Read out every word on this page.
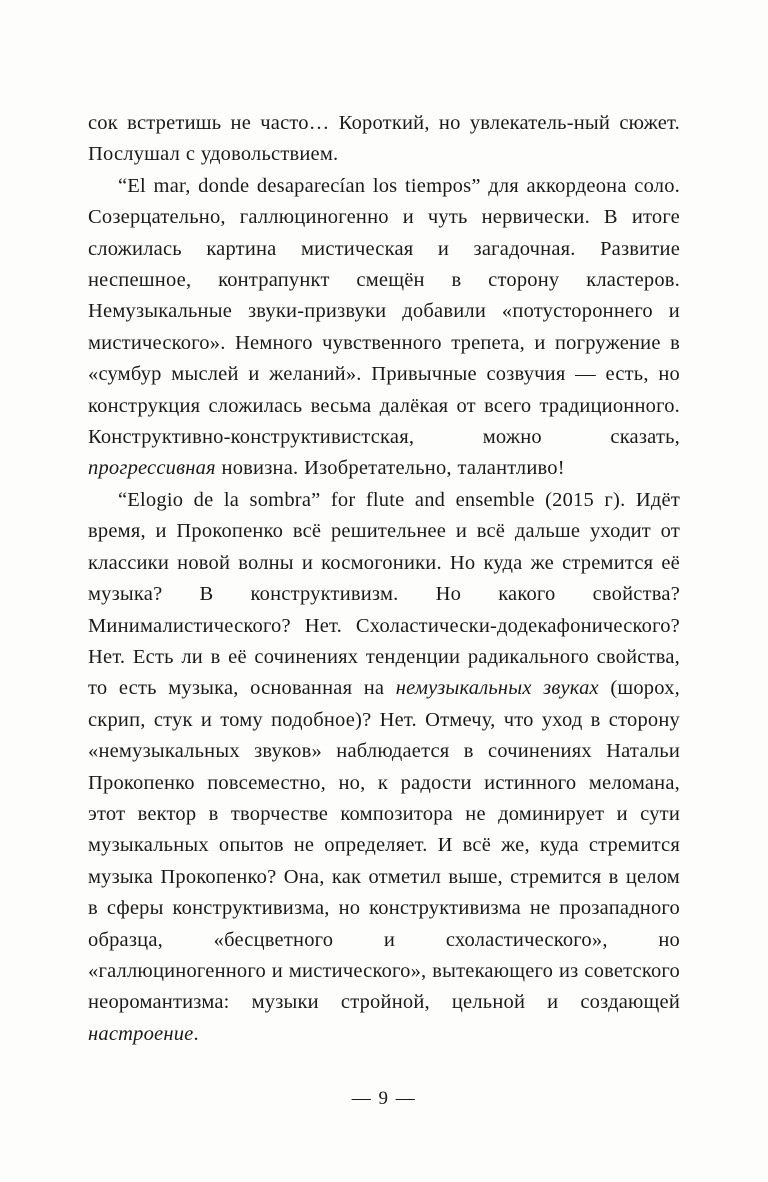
сок встретишь не часто… Короткий, но увлекатель-ный сюжет. Послушал с удовольствием.

“El mar, donde desaparecían los tiempos” для аккордеона соло. Созерцательно, галлюциногенно и чуть нервически. В итоге сложилась картина мистическая и загадочная. Развитие неспешное, контрапункт смещён в сторону кластеров. Немузыкальные звуки-призвуки добавили «потустороннего и мистического». Немного чувственного трепета, и погружение в «сумбур мыслей и желаний». Привычные созвучия — есть, но конструкция сложилась весьма далёкая от всего традиционного. Конструктивно-конструктивистская, можно сказать, прогрессивная новизна. Изобретательно, талантливо!

“Elogio de la sombra” for flute and ensemble (2015 г). Идёт время, и Прокопенко всё решительнее и всё дальше уходит от классики новой волны и космогоники. Но куда же стремится её музыка? В конструктивизм. Но какого свойства? Минималистического? Нет. Схоластически-додекафонического? Нет. Есть ли в её сочинениях тенденции радикального свойства, то есть музыка, основанная на немузыкальных звуках (шорох, скрип, стук и тому подобное)? Нет. Отмечу, что уход в сторону «немузыкальных звуков» наблюдается в сочинениях Натальи Прокопенко повсеместно, но, к радости истинного меломана, этот вектор в творчестве композитора не доминирует и сути музыкальных опытов не определяет. И всё же, куда стремится музыка Прокопенко? Она, как отметил выше, стремится в целом в сферы конструктивизма, но конструктивизма не прозападного образца, «бесцветного и схоластического», но «галлюциногенного и мистического», вытекающего из советского неоромантизма: музыки стройной, цельной и создающей настроение.

— 9 —
